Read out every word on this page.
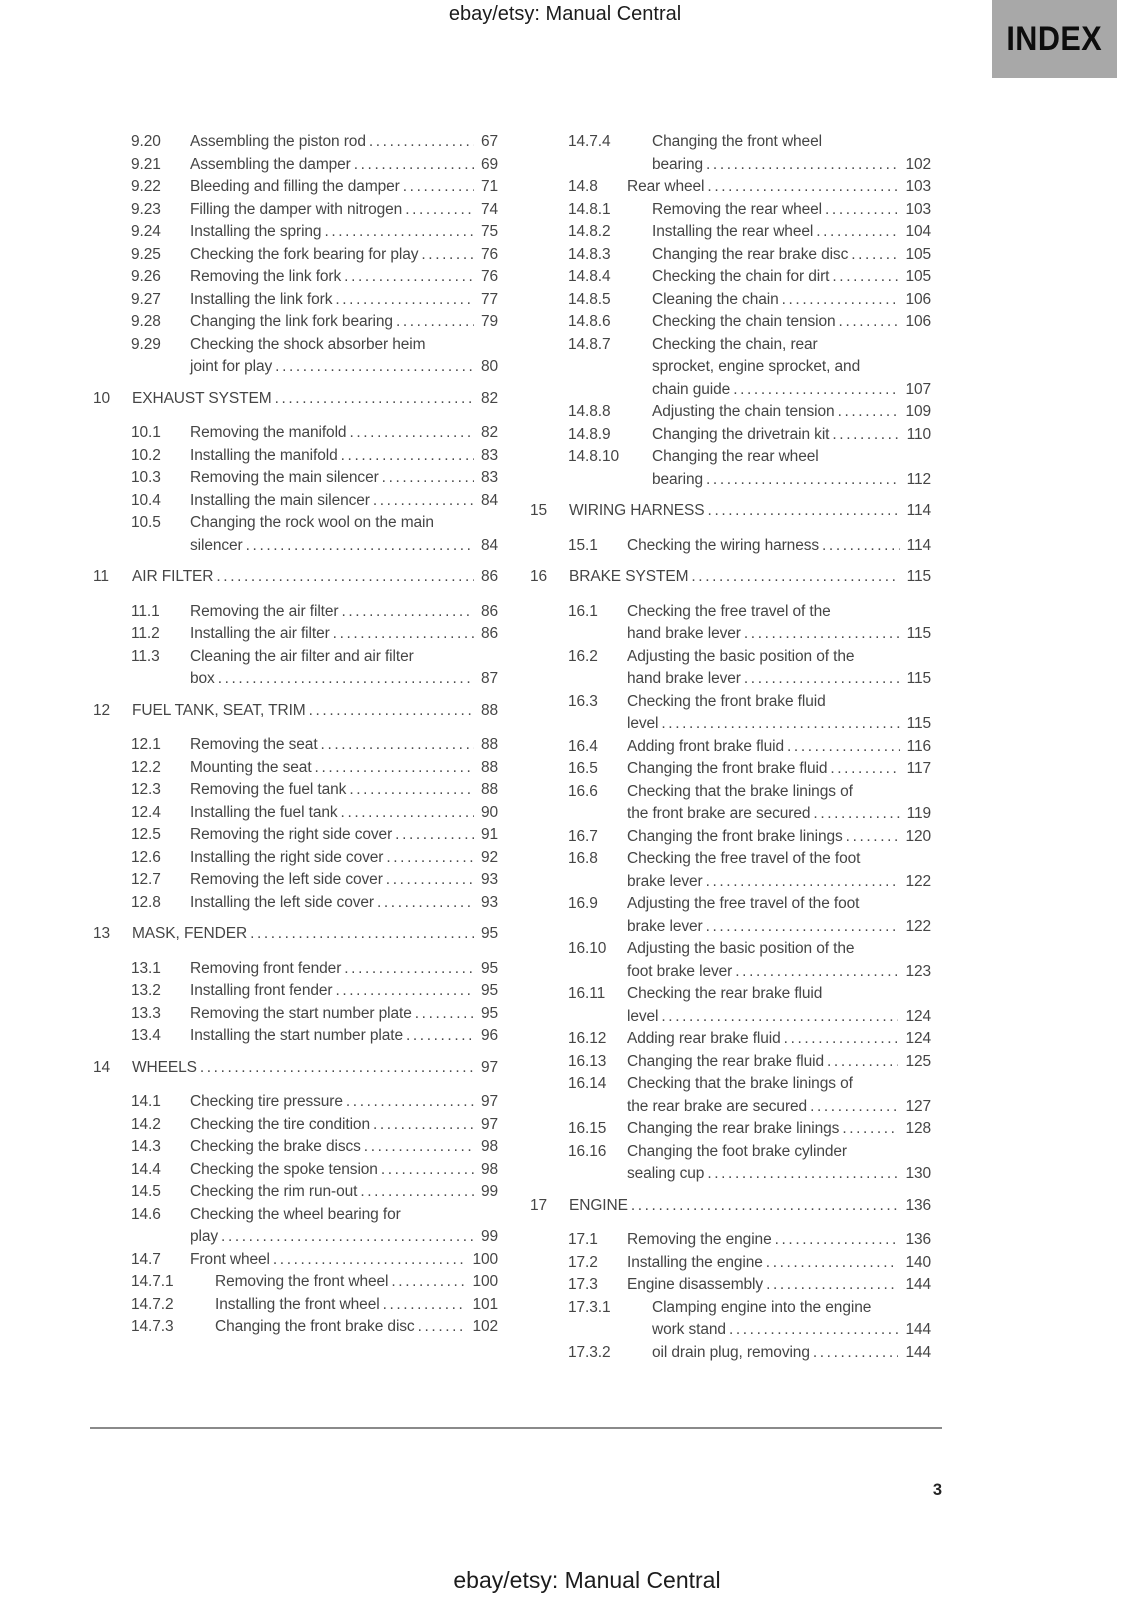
ebay/etsy: Manual Central
INDEX
9.20	Assembling the piston rod .....	67
9.21	Assembling the damper .....	69
9.22	Bleeding and filling the damper .....	71
9.23	Filling the damper with nitrogen .....	74
9.24	Installing the spring .....	75
9.25	Checking the fork bearing for play .....	76
9.26	Removing the link fork .....	76
9.27	Installing the link fork .....	77
9.28	Changing the link fork bearing .....	79
9.29	Checking the shock absorber heim
joint for play .....	80
10	EXHAUST SYSTEM .....	82
10.1	Removing the manifold .....	82
10.2	Installing the manifold .....	83
10.3	Removing the main silencer .....	83
10.4	Installing the main silencer .....	84
10.5	Changing the rock wool on the main
silencer .....	84
11	AIR FILTER .....	86
11.1	Removing the air filter .....	86
11.2	Installing the air filter .....	86
11.3	Cleaning the air filter and air filter
box .....	87
12	FUEL TANK, SEAT, TRIM .....	88
12.1	Removing the seat .....	88
12.2	Mounting the seat .....	88
12.3	Removing the fuel tank .....	88
12.4	Installing the fuel tank .....	90
12.5	Removing the right side cover .....	91
12.6	Installing the right side cover .....	92
12.7	Removing the left side cover .....	93
12.8	Installing the left side cover .....	93
13	MASK, FENDER .....	95
13.1	Removing front fender .....	95
13.2	Installing front fender .....	95
13.3	Removing the start number plate .....	95
13.4	Installing the start number plate .....	96
14	WHEELS .....	97
14.1	Checking tire pressure .....	97
14.2	Checking the tire condition .....	97
14.3	Checking the brake discs .....	98
14.4	Checking the spoke tension .....	98
14.5	Checking the rim run-out .....	99
14.6	Checking the wheel bearing for
play .....	99
14.7	Front wheel .....	100
14.7.1	Removing the front wheel .....	100
14.7.2	Installing the front wheel .....	101
14.7.3	Changing the front brake disc .....	102
14.7.4	Changing the front wheel
bearing .....	102
14.8	Rear wheel .....	103
14.8.1	Removing the rear wheel .....	103
14.8.2	Installing the rear wheel .....	104
14.8.3	Changing the rear brake disc .....	105
14.8.4	Checking the chain for dirt .....	105
14.8.5	Cleaning the chain .....	106
14.8.6	Checking the chain tension .....	106
14.8.7	Checking the chain, rear
sprocket, engine sprocket, and
chain guide .....	107
14.8.8	Adjusting the chain tension .....	109
14.8.9	Changing the drivetrain kit .....	110
14.8.10	Changing the rear wheel
bearing .....	112
15	WIRING HARNESS .....	114
15.1	Checking the wiring harness .....	114
16	BRAKE SYSTEM .....	115
16.1	Checking the free travel of the
hand brake lever .....	115
16.2	Adjusting the basic position of the
hand brake lever .....	115
16.3	Checking the front brake fluid
level .....	115
16.4	Adding front brake fluid .....	116
16.5	Changing the front brake fluid .....	117
16.6	Checking that the brake linings of
the front brake are secured .....	119
16.7	Changing the front brake linings .....	120
16.8	Checking the free travel of the foot
brake lever .....	122
16.9	Adjusting the free travel of the foot
brake lever .....	122
16.10	Adjusting the basic position of the
foot brake lever .....	123
16.11	Checking the rear brake fluid
level .....	124
16.12	Adding rear brake fluid .....	124
16.13	Changing the rear brake fluid .....	125
16.14	Checking that the brake linings of
the rear brake are secured .....	127
16.15	Changing the rear brake linings .....	128
16.16	Changing the foot brake cylinder
sealing cup .....	130
17	ENGINE .....	136
17.1	Removing the engine .....	136
17.2	Installing the engine .....	140
17.3	Engine disassembly .....	144
17.3.1	Clamping engine into the engine
work stand .....	144
17.3.2	oil drain plug, removing .....	144
3
ebay/etsy: Manual Central
